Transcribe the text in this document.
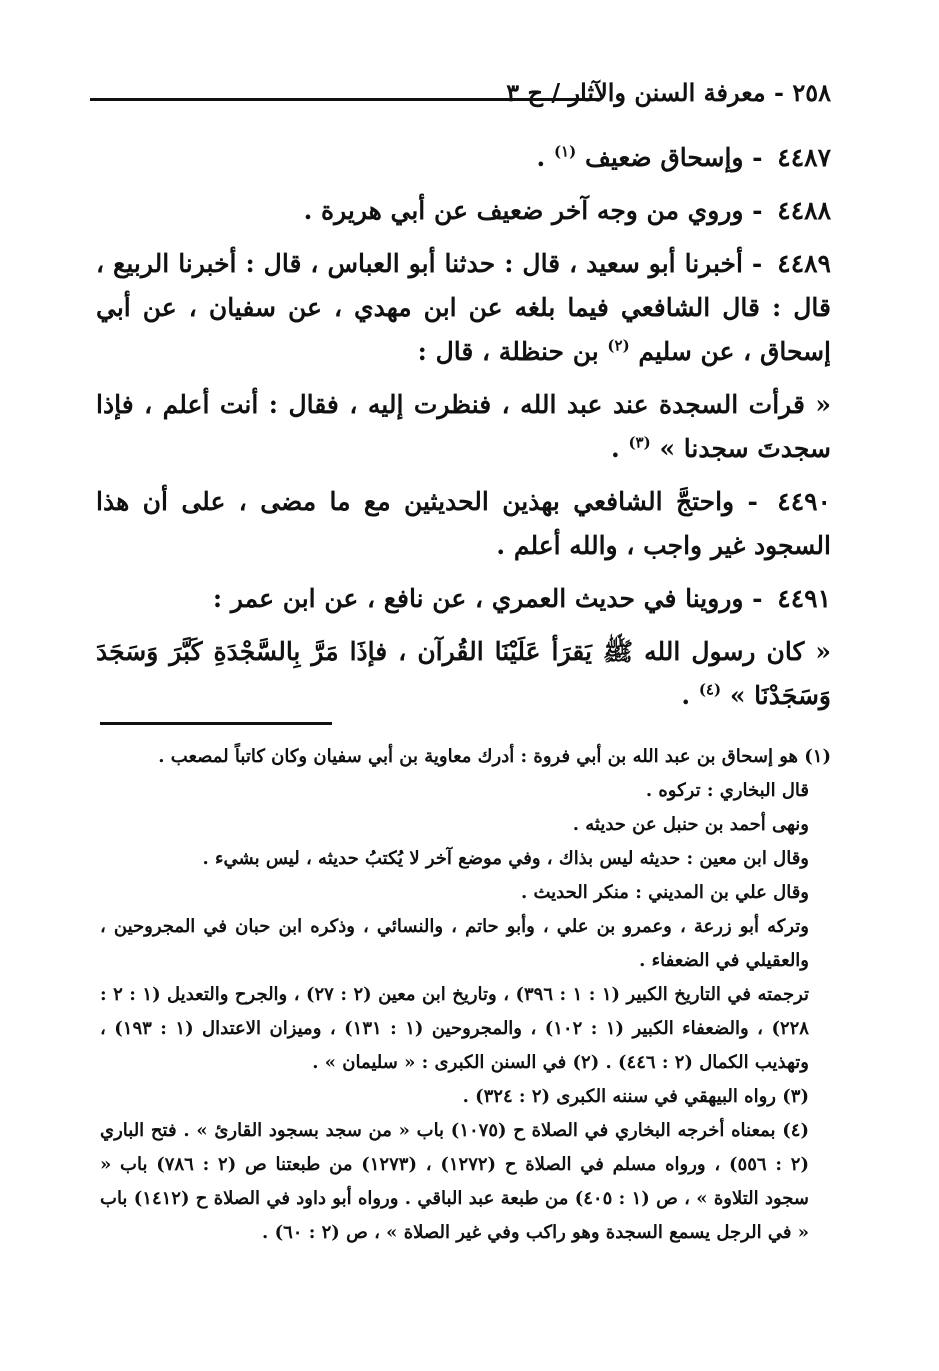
٢٥٨ - معرفة السنن والآثار / ج ٣

٤٤٨٧ - وإسحاق ضعيف $^{(١)}$ .

٤٤٨٨ - وروي من وجه آخر ضعيف عن أبي هريرة .

٤٤٨٩ - أخبرنا أبو سعيد ، قال : حدثنا أبو العباس ، قال : أخبرنا الربيع ، قال : قال الشافعي فيما بلغه عن ابن مهدي ، عن سفيان ، عن أبي إسحاق ، عن سليم $^{(٢)}$ بن حنظلة ، قال :

« قرأت السجدة عند عبد الله ، فنظرت إليه ، فقال : أنت أعلم ، فإذا سجدتَ سجدنا » $^{(٣)}$ .

٤٤٩٠ - واحتجَّ الشافعي بهذين الحديثين مع ما مضى ، على أن هذا السجود غير واجب ، والله أعلم .

٤٤٩١ - وروينا في حديث العمري ، عن نافع ، عن ابن عمر :

« كان رسول الله ﷺ يَقرَأ عَلَيْنَا القُرآن ، فإذَا مَرَّ بِالسَّجْدَةِ كَبَّرَ وَسَجَدَ وَسَجَدْنَا » $^{(٤)}$ .

(١) هو إسحاق بن عبد الله بن أبي فروة : أدرك معاوية بن أبي سفيان وكان كاتباً لمصعب .

قال البخاري : تركوه .

ونهى أحمد بن حنبل عن حديثه .

وقال ابن معين : حديثه ليس بذاك ، وفي موضع آخر لا يُكتبُ حديثه ، ليس بشيء .

وقال علي بن المديني : منكر الحديث .

وتركه أبو زرعة ، وعمرو بن علي ، وأبو حاتم ، والنسائي ، وذكره ابن حبان في المجروحين ، والعقيلي في الضعفاء .

ترجمته في التاريخ الكبير (١ : ١ : ٣٩٦) ، وتاريخ ابن معين (٢ : ٢٧) ، والجرح والتعديل (١ : ٢ : ٢٢٨) ، والضعفاء الكبير (١ : ١٠٢) ، والمجروحين (١ : ١٣١) ، وميزان الاعتدال (١ : ١٩٣) ، وتهذيب الكمال (٢ : ٤٤٦) . (٢) في السنن الكبرى : « سليمان » .

(٣) رواه البيهقي في سننه الكبرى (٢ : ٣٢٤) .

(٤) بمعناه أخرجه البخاري في الصلاة ح (١٠٧٥) باب « من سجد بسجود القارئ » . فتح الباري (٢ : ٥٥٦) ، ورواه مسلم في الصلاة ح (١٢٧٢) ، (١٢٧٣) من طبعتنا ص (٢ : ٧٨٦) باب « سجود التلاوة » ، ص (١ : ٤٠٥) من طبعة عبد الباقي . ورواه أبو داود في الصلاة ح (١٤١٢) باب « في الرجل يسمع السجدة وهو راكب وفي غير الصلاة » ، ص (٢ : ٦٠) .
